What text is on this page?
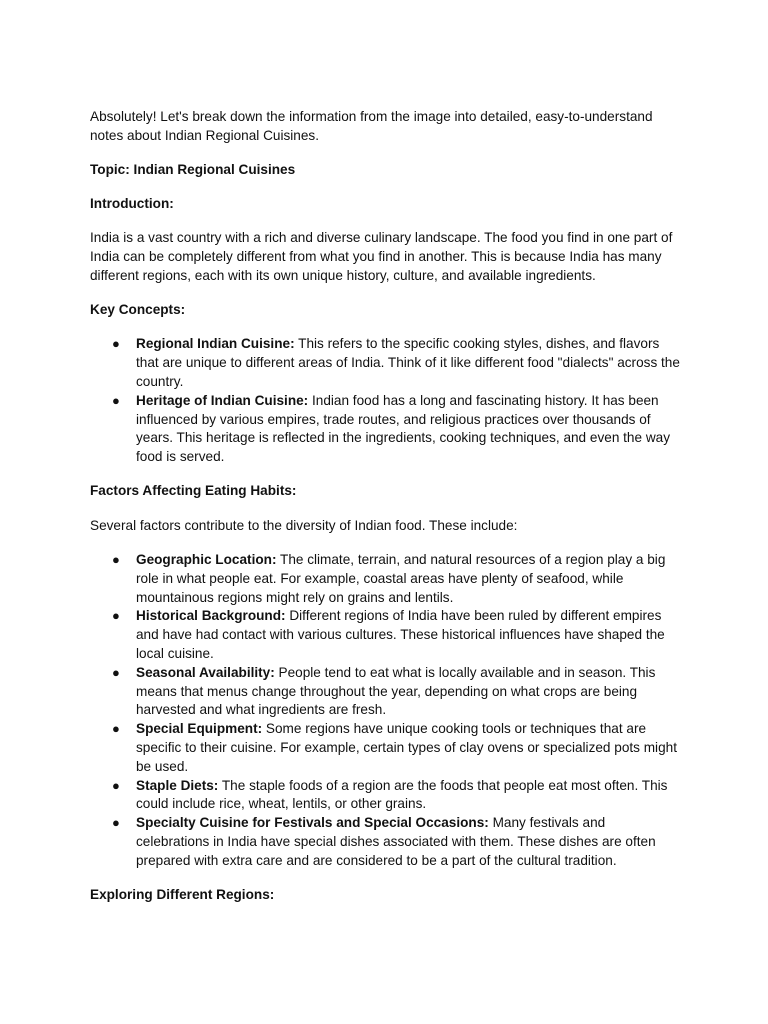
Absolutely! Let's break down the information from the image into detailed, easy-to-understand notes about Indian Regional Cuisines.

Topic: Indian Regional Cuisines

Introduction:

India is a vast country with a rich and diverse culinary landscape. The food you find in one part of India can be completely different from what you find in another. This is because India has many different regions, each with its own unique history, culture, and available ingredients.

Key Concepts:

● Regional Indian Cuisine: This refers to the specific cooking styles, dishes, and flavors that are unique to different areas of India. Think of it like different food "dialects" across the country.
● Heritage of Indian Cuisine: Indian food has a long and fascinating history. It has been influenced by various empires, trade routes, and religious practices over thousands of years. This heritage is reflected in the ingredients, cooking techniques, and even the way food is served.

Factors Affecting Eating Habits:

Several factors contribute to the diversity of Indian food. These include:

● Geographic Location: The climate, terrain, and natural resources of a region play a big role in what people eat. For example, coastal areas have plenty of seafood, while mountainous regions might rely on grains and lentils.
● Historical Background: Different regions of India have been ruled by different empires and have had contact with various cultures. These historical influences have shaped the local cuisine.
● Seasonal Availability: People tend to eat what is locally available and in season. This means that menus change throughout the year, depending on what crops are being harvested and what ingredients are fresh.
● Special Equipment: Some regions have unique cooking tools or techniques that are specific to their cuisine. For example, certain types of clay ovens or specialized pots might be used.
● Staple Diets: The staple foods of a region are the foods that people eat most often. This could include rice, wheat, lentils, or other grains.
● Specialty Cuisine for Festivals and Special Occasions: Many festivals and celebrations in India have special dishes associated with them. These dishes are often prepared with extra care and are considered to be a part of the cultural tradition.

Exploring Different Regions:
